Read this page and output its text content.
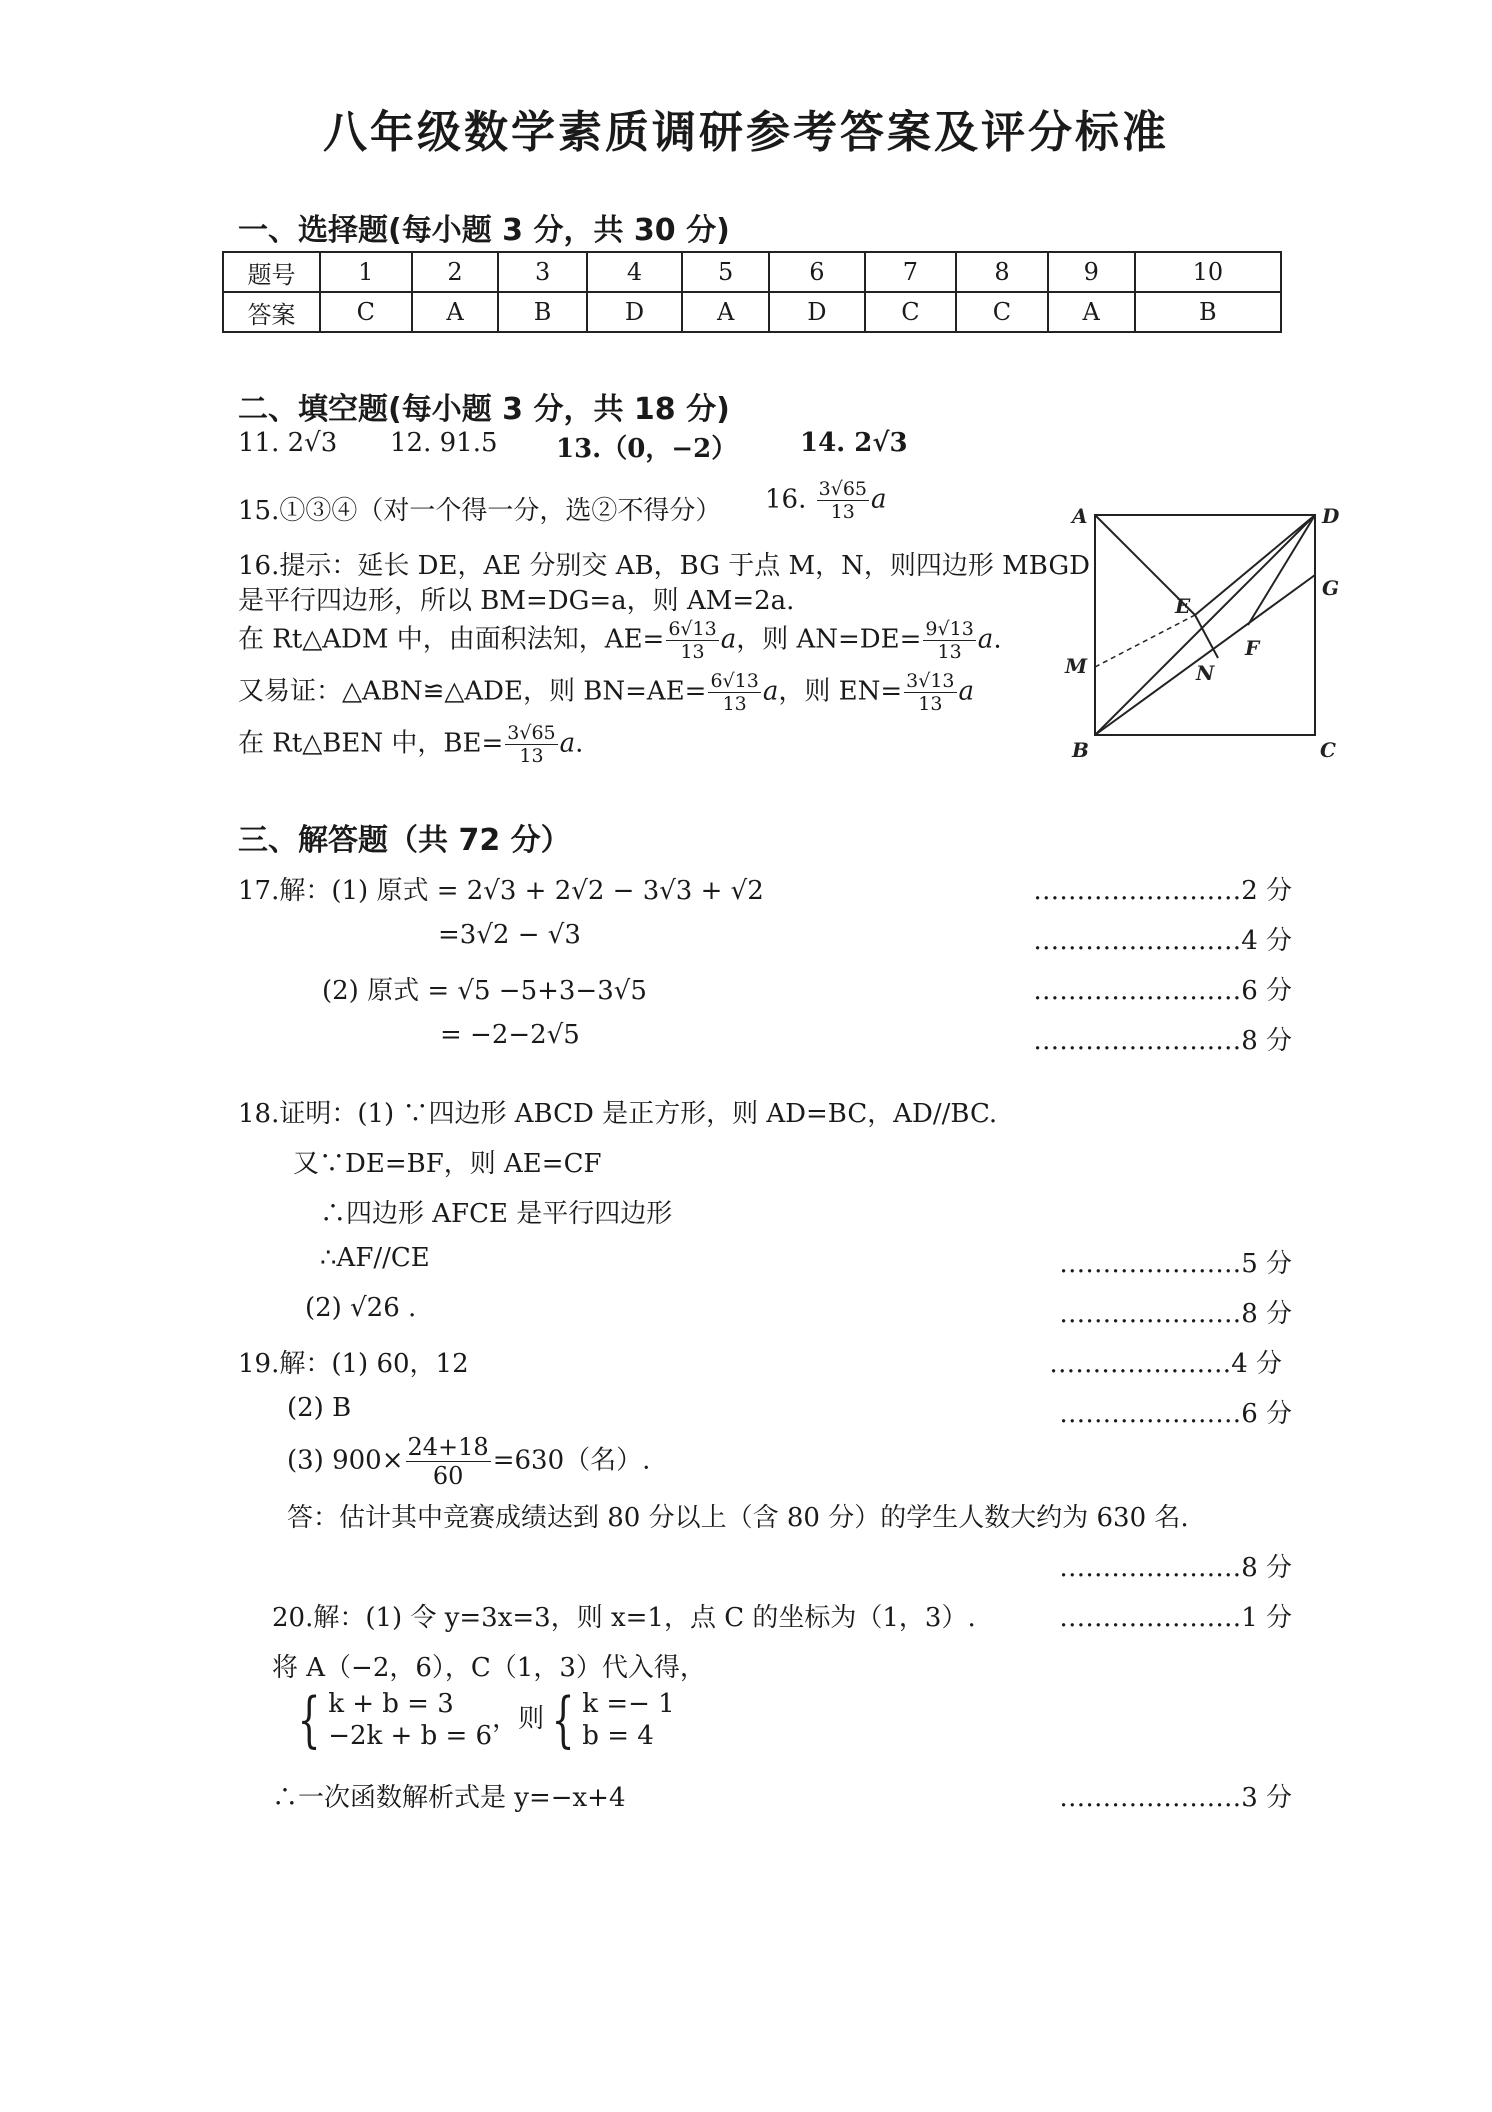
八年级数学素质调研参考答案及评分标准
一、选择题(每小题 3 分，共 30 分)
题号	1	2	3	4	5	6	7	8	9	10
答案	C	A	B	D	A	D	C	C	A	B
二、填空题(每小题 3 分，共 18 分)
11. 2√3 12. 91.5 13.（0，−2） 14. 2√3
15.①③④（对一个得一分，选②不得分） 16. $\frac{3√65}{13}$ a
16.提示：延长 DE，AE 分别交 AB，BG 于点 M，N，则四边形 MBGD
是平行四边形，所以 BM=DG=a，则 AM=2a.
在 Rt△ADM 中，由面积法知，$AE= \frac{6√13}{13}$ a，则 $AN=DE= \frac{9√13}{13} a$.
又易证：△ABN≌△ADE，则 $BN=AE= \frac{6√13}{13}$ a，则 $EN= \frac{3√13}{13}$ a
在 Rt△BEN 中，$BE= \frac{3√65}{13} a$.
A	D
G
E
F
M	N
B	C
三、解答题（共 72 分）
17.解：(1) 原式 = 2√3 + 2√2 − 3√3 + √2	……………………2 分
=3√2 − √3	……………………4 分
(2) 原式 = √5 −5+3−3√5	……………………6 分
= −2−2√5	……………………8 分
18.证明：(1) ∵四边形 ABCD 是正方形，则 AD=BC，AD//BC.
又∵DE=BF，则 AE=CF
∴四边形 AFCE 是平行四边形
∴AF//CE	…………………5 分
(2) √26 .	…………………8 分
19.解：(1) 60，12	…………………4 分
(2) B	…………………6 分
(3) $900\times \frac{24+18}{60} =630$（名）.
答：估计其中竞赛成绩达到 80 分以上（含 80 分）的学生人数大约为 630 名.
…………………8 分
20.解：(1) 令 y=3x=3，则 x=1，点 C 的坐标为（1，3）.	…………………1 分
将 A（−2，6），C（1，3）代入得，
{ k + b = 3
−2k + b = 6，则 { k =− 1
b = 4
∴一次函数解析式是 y=−x+4	…………………3 分
